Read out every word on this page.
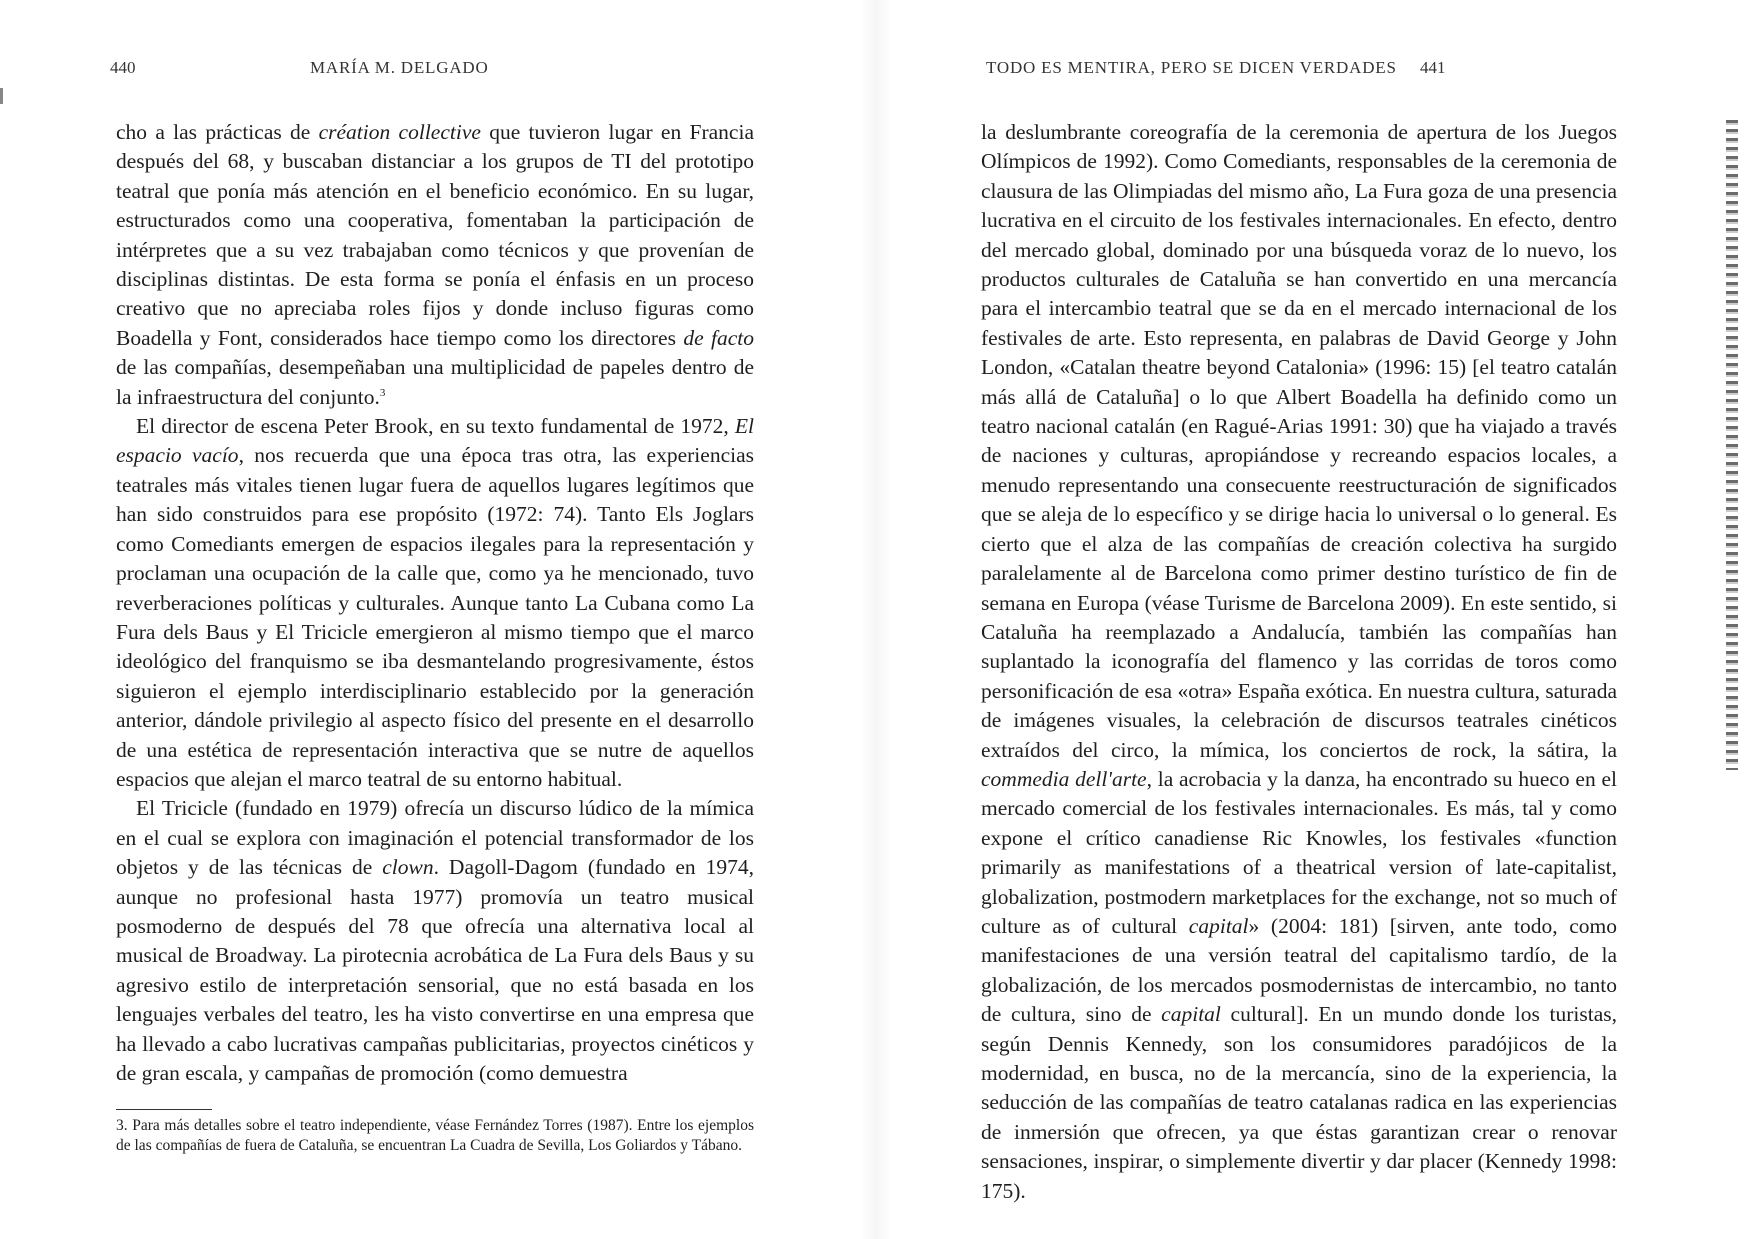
440	MARÍA M. DELGADO

cho a las prácticas de création collective que tuvieron lugar en Francia después del 68, y buscaban distanciar a los grupos de TI del prototipo teatral que ponía más atención en el beneficio económico. En su lugar, estructurados como una cooperativa, fomentaban la participación de intérpretes que a su vez trabajaban como técnicos y que provenían de disciplinas distintas. De esta forma se ponía el énfasis en un proceso creativo que no apreciaba roles fijos y donde incluso figuras como Boadella y Font, considerados hace tiempo como los directores de facto de las compañías, desempeñaban una multiplicidad de papeles dentro de la infraestructura del conjunto.$^3$

El director de escena Peter Brook, en su texto fundamental de 1972, El espacio vacío, nos recuerda que una época tras otra, las experiencias teatrales más vitales tienen lugar fuera de aquellos lugares legítimos que han sido construidos para ese propósito (1972: 74). Tanto Els Joglars como Comediants emergen de espacios ilegales para la representación y proclaman una ocupación de la calle que, como ya he mencionado, tuvo reverberaciones políticas y culturales. Aunque tanto La Cubana como La Fura dels Baus y El Tricicle emergieron al mismo tiempo que el marco ideológico del franquismo se iba desmantelando progresivamente, éstos siguieron el ejemplo interdisciplinario establecido por la generación anterior, dándole privilegio al aspecto físico del presente en el desarrollo de una estética de representación interactiva que se nutre de aquellos espacios que alejan el marco teatral de su entorno habitual.

El Tricicle (fundado en 1979) ofrecía un discurso lúdico de la mímica en el cual se explora con imaginación el potencial transformador de los objetos y de las técnicas de clown. Dagoll-Dagom (fundado en 1974, aunque no profesional hasta 1977) promovía un teatro musical posmoderno de después del 78 que ofrecía una alternativa local al musical de Broadway. La pirotecnia acrobática de La Fura dels Baus y su agresivo estilo de interpretación sensorial, que no está basada en los lenguajes verbales del teatro, les ha visto convertirse en una empresa que ha llevado a cabo lucrativas campañas publicitarias, proyectos cinéticos y de gran escala, y campañas de promoción (como demuestra

3. Para más detalles sobre el teatro independiente, véase Fernández Torres (1987). Entre los ejemplos de las compañías de fuera de Cataluña, se encuentran La Cuadra de Sevilla, Los Goliardos y Tábano.

TODO ES MENTIRA, PERO SE DICEN VERDADES 441

la deslumbrante coreografía de la ceremonia de apertura de los Juegos Olímpicos de 1992). Como Comediants, responsables de la ceremonia de clausura de las Olimpiadas del mismo año, La Fura goza de una presencia lucrativa en el circuito de los festivales internacionales. En efecto, dentro del mercado global, dominado por una búsqueda voraz de lo nuevo, los productos culturales de Cataluña se han convertido en una mercancía para el intercambio teatral que se da en el mercado internacional de los festivales de arte. Esto representa, en palabras de David George y John London, «Catalan theatre beyond Catalonia» (1996: 15) [el teatro catalán más allá de Cataluña] o lo que Albert Boadella ha definido como un teatro nacional catalán (en Ragué-Arias 1991: 30) que ha viajado a través de naciones y culturas, apropiándose y recreando espacios locales, a menudo representando una consecuente reestructuración de significados que se aleja de lo específico y se dirige hacia lo universal o lo general. Es cierto que el alza de las compañías de creación colectiva ha surgido paralelamente al de Barcelona como primer destino turístico de fin de semana en Europa (véase Turisme de Barcelona 2009). En este sentido, si Cataluña ha reemplazado a Andalucía, también las compañías han suplantado la iconografía del flamenco y las corridas de toros como personificación de esa «otra» España exótica. En nuestra cultura, saturada de imágenes visuales, la celebración de discursos teatrales cinéticos extraídos del circo, la mímica, los conciertos de rock, la sátira, la commedia dell'arte, la acrobacia y la danza, ha encontrado su hueco en el mercado comercial de los festivales internacionales. Es más, tal y como expone el crítico canadiense Ric Knowles, los festivales «function primarily as manifestations of a theatrical version of late-capitalist, globalization, postmodern marketplaces for the exchange, not so much of culture as of cultural capital» (2004: 181) [sirven, ante todo, como manifestaciones de una versión teatral del capitalismo tardío, de la globalización, de los mercados posmodernistas de intercambio, no tanto de cultura, sino de capital cultural]. En un mundo donde los turistas, según Dennis Kennedy, son los consumidores paradójicos de la modernidad, en busca, no de la mercancía, sino de la experiencia, la seducción de las compañías de teatro catalanas radica en las experiencias de inmersión que ofrecen, ya que éstas garantizan crear o renovar sensaciones, inspirar, o simplemente divertir y dar placer (Kennedy 1998: 175).
